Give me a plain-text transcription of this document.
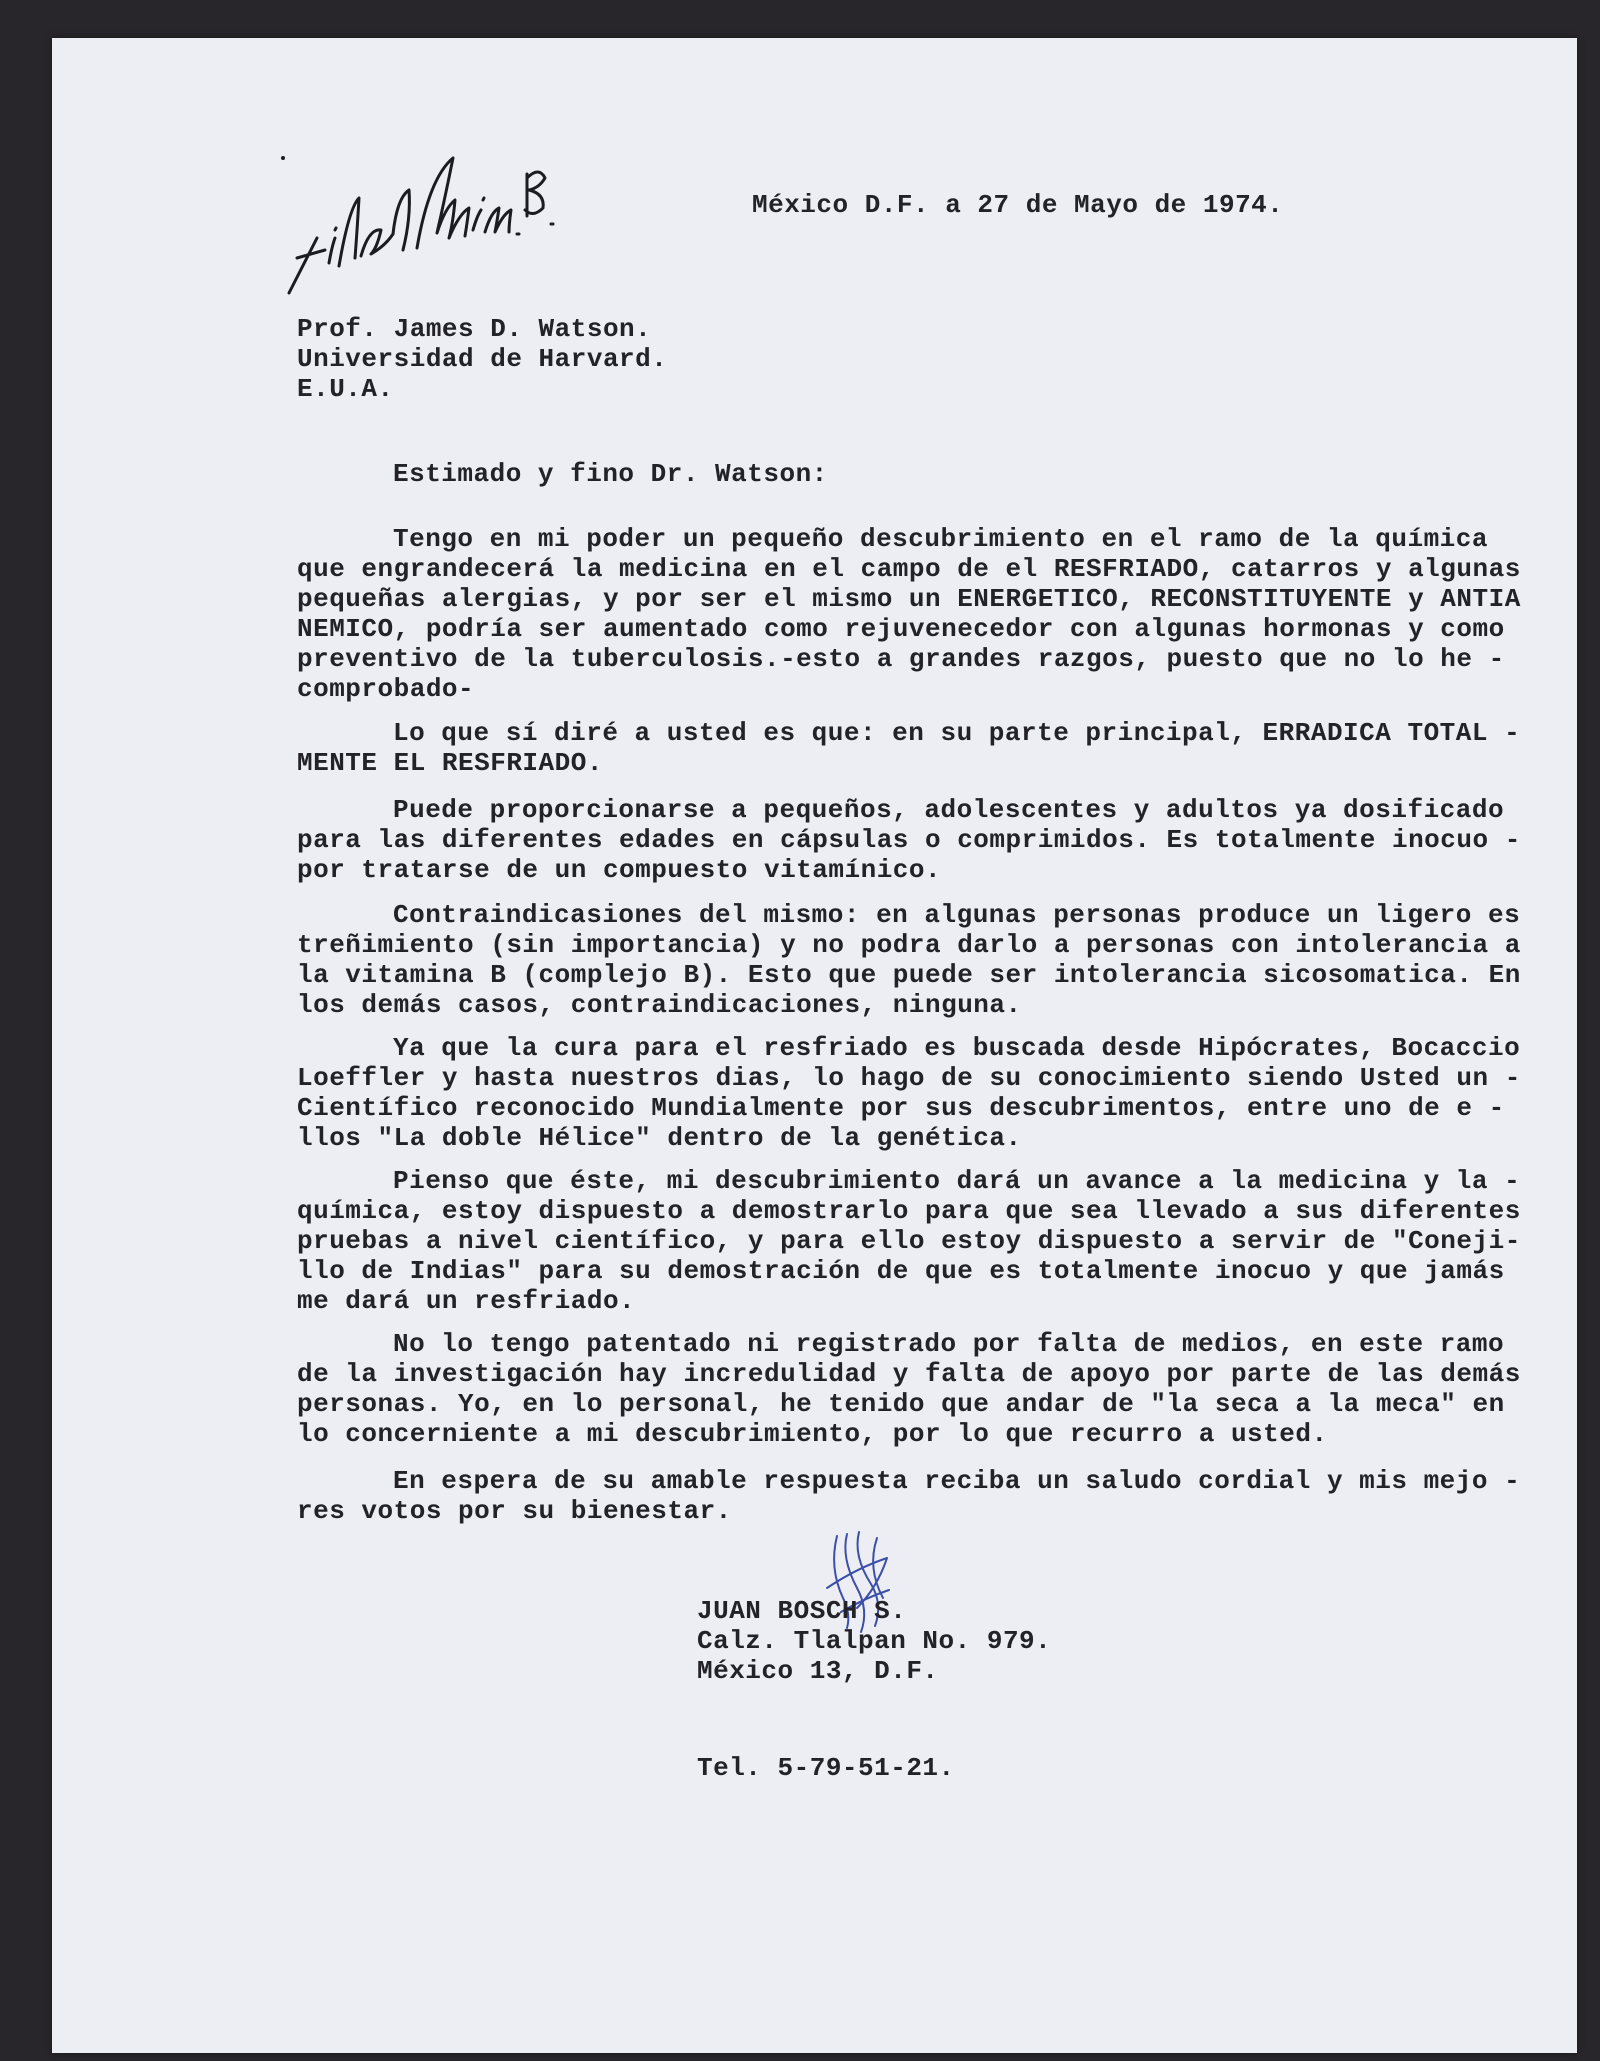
México D.F. a 27 de Mayo de 1974.
Prof. James D. Watson.
Universidad de Harvard.
E.U.A.
Estimado y fino Dr. Watson:
Tengo en mi poder un pequeño descubrimiento en el ramo de la química
que engrandecerá la medicina en el campo de el RESFRIADO, catarros y algunas
pequeñas alergias, y por ser el mismo un ENERGETICO, RECONSTITUYENTE y ANTIA
NEMICO, podría ser aumentado como rejuvenecedor con algunas hormonas y como
preventivo de la tuberculosis.-esto a grandes razgos, puesto que no lo he -
comprobado-
Lo que sí diré a usted es que: en su parte principal, ERRADICA TOTAL -
MENTE EL RESFRIADO.
Puede proporcionarse a pequeños, adolescentes y adultos ya dosificado
para las diferentes edades en cápsulas o comprimidos. Es totalmente inocuo -
por tratarse de un compuesto vitamínico.
Contraindicasiones del mismo: en algunas personas produce un ligero es
treñimiento (sin importancia) y no podra darlo a personas con intolerancia a
la vitamina B (complejo B). Esto que puede ser intolerancia sicosomatica. En
los demás casos, contraindicaciones, ninguna.
Ya que la cura para el resfriado es buscada desde Hipócrates, Bocaccio
Loeffler y hasta nuestros dias, lo hago de su conocimiento siendo Usted un -
Científico reconocido Mundialmente por sus descubrimentos, entre uno de e -
llos "La doble Hélice" dentro de la genética.
Pienso que éste, mi descubrimiento dará un avance a la medicina y la -
química, estoy dispuesto a demostrarlo para que sea llevado a sus diferentes
pruebas a nivel científico, y para ello estoy dispuesto a servir de "Coneji-
llo de Indias" para su demostración de que es totalmente inocuo y que jamás
me dará un resfriado.
No lo tengo patentado ni registrado por falta de medios, en este ramo
de la investigación hay incredulidad y falta de apoyo por parte de las demás
personas. Yo, en lo personal, he tenido que andar de "la seca a la meca" en
lo concerniente a mi descubrimiento, por lo que recurro a usted.
En espera de su amable respuesta reciba un saludo cordial y mis mejo -
res votos por su bienestar.
JUAN BOSCH S.
Calz. Tlalpan No. 979.
México 13, D.F.
Tel. 5-79-51-21.
